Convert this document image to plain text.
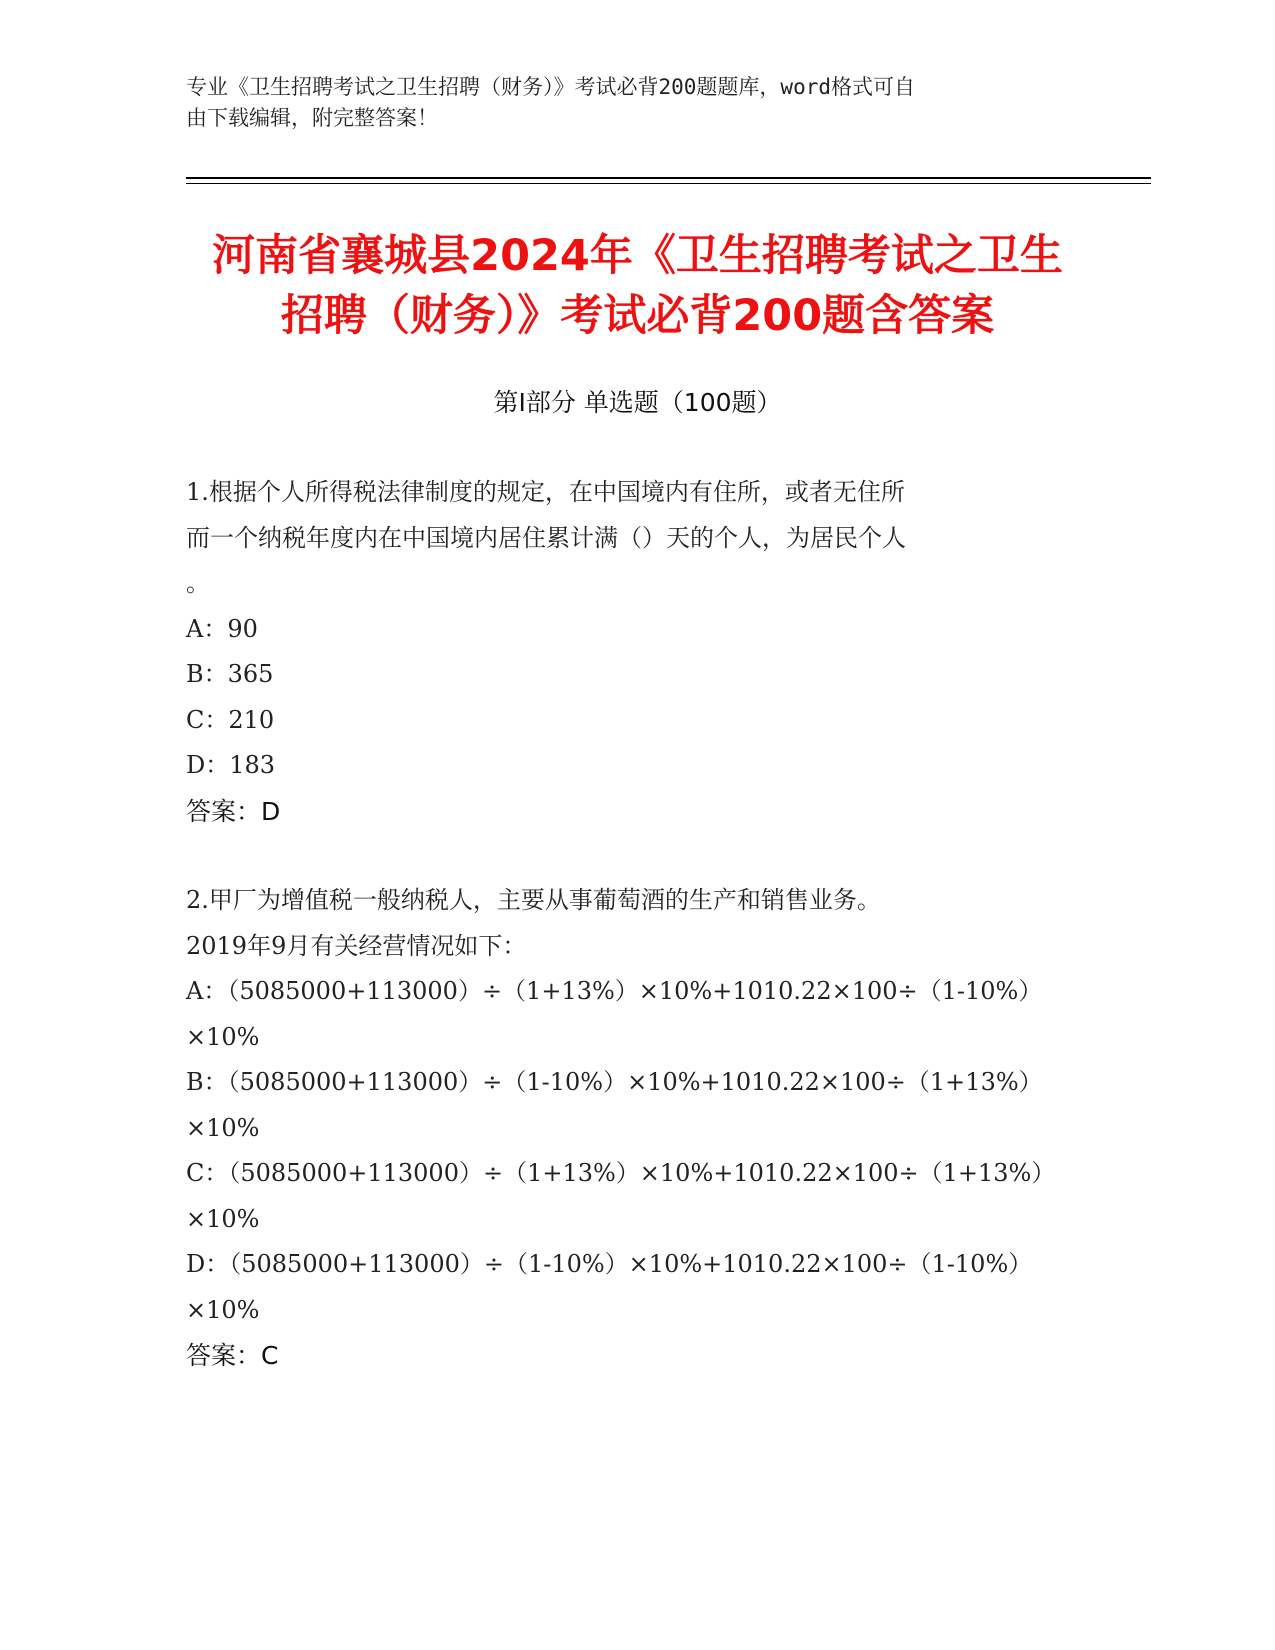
专业《卫生招聘考试之卫生招聘（财务）》考试必背200题题库，word格式可自
由下载编辑，附完整答案！
河南省襄城县2024年《卫生招聘考试之卫生
招聘（财务）》考试必背200题含答案
第Ⅰ部分 单选题（100题）
1.根据个人所得税法律制度的规定，在中国境内有住所，或者无住所
而一个纳税年度内在中国境内居住累计满（）天的个人，为居民个人
。
A：90
B：365
C：210
D：183
答案：D
2.甲厂为增值税一般纳税人，主要从事葡萄酒的生产和销售业务。
2019年9月有关经营情况如下：
A：（5085000+113000）÷（1+13%）×10%+1010.22×100÷（1-10%）
×10%
B：（5085000+113000）÷（1-10%）×10%+1010.22×100÷（1+13%）
×10%
C：（5085000+113000）÷（1+13%）×10%+1010.22×100÷（1+13%）
×10%
D：（5085000+113000）÷（1-10%）×10%+1010.22×100÷（1-10%）
×10%
答案：C
